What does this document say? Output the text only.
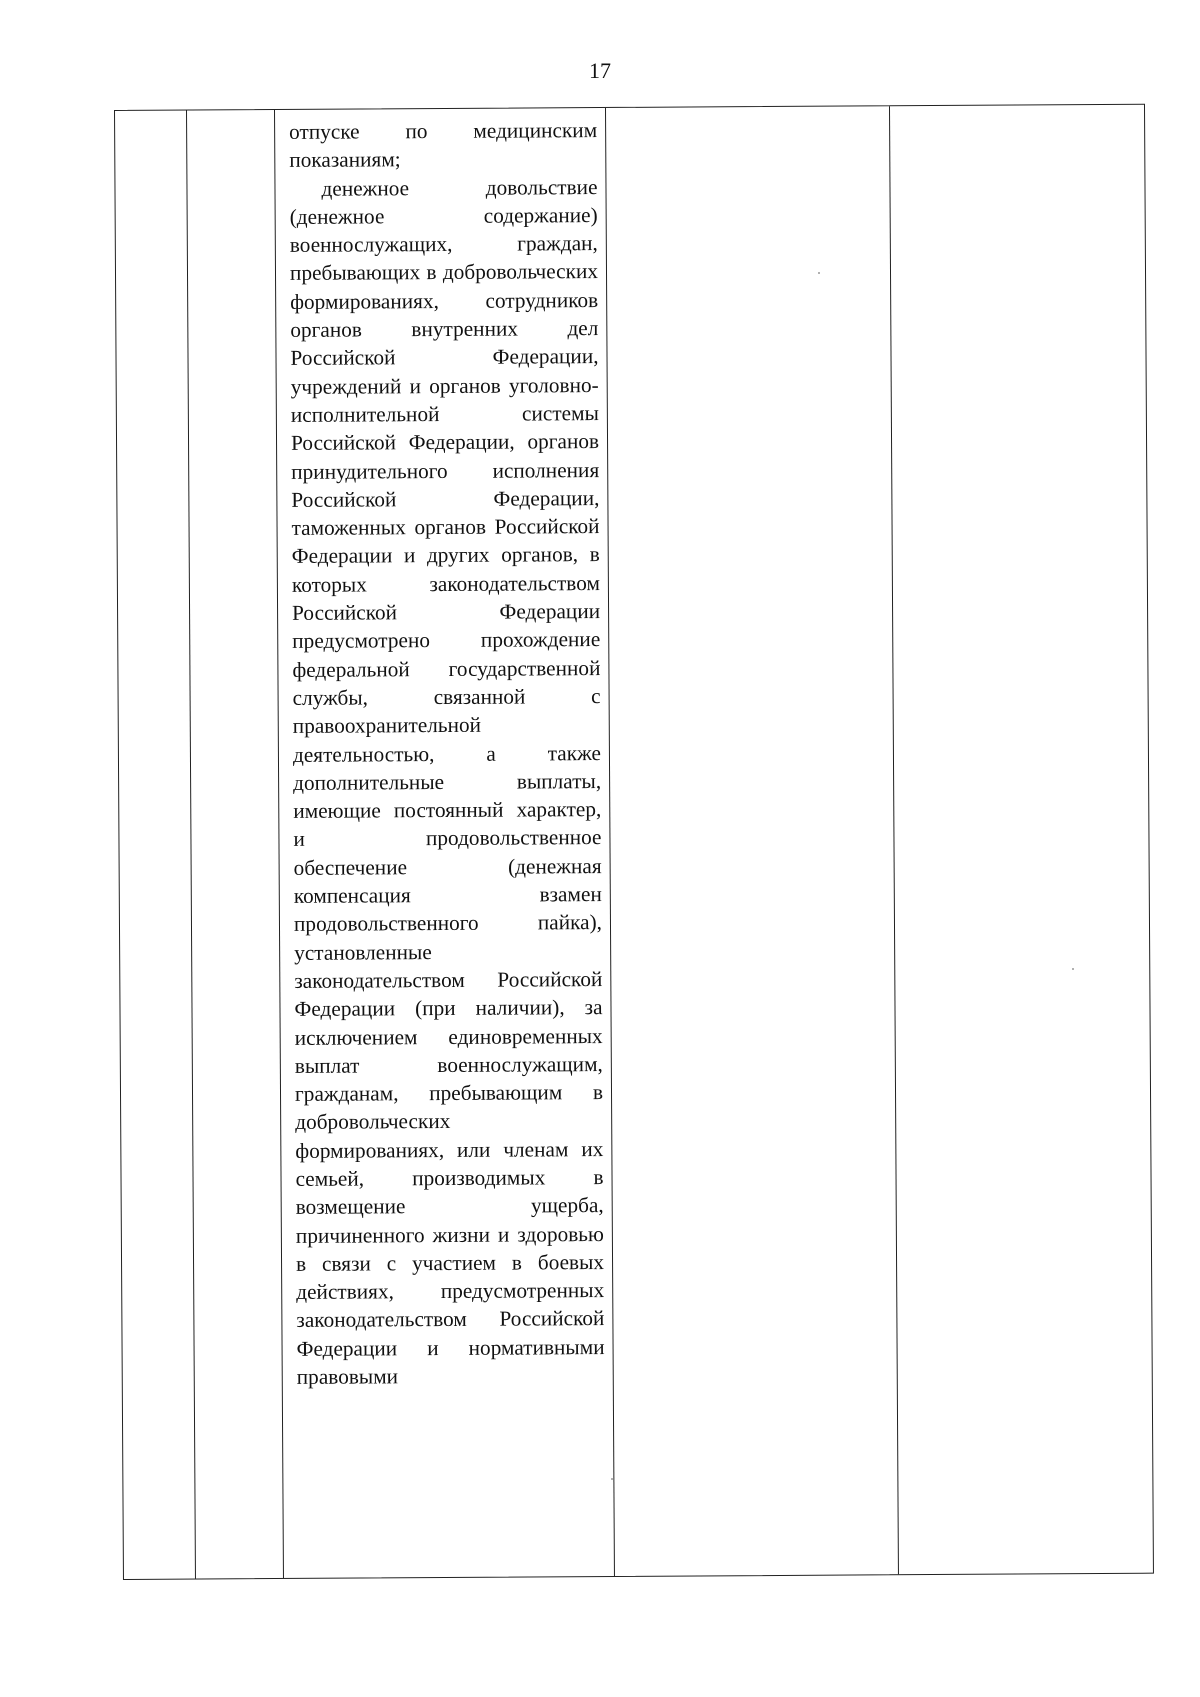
17

отпуске по медицинским показаниям;

денежное довольствие (денежное содержание) военнослужащих, граждан, пребывающих в добровольческих формированиях, сотрудников органов внутренних дел Российской Федерации, учреждений и органов уголовно-исполнительной системы Российской Федерации, органов принудительного исполнения Российской Федерации, таможенных органов Российской Федерации и других органов, в которых законодательством Российской Федерации предусмотрено прохождение федеральной государственной службы, связанной с правоохранительной деятельностью, а также дополнительные выплаты, имеющие постоянный характер, и продовольственное обеспечение (денежная компенсация взамен продовольственного пайка), установленные законодательством Российской Федерации (при наличии), за исключением единовременных выплат военнослужащим, гражданам, пребывающим в добровольческих формированиях, или членам их семьей, производимых в возмещение ущерба, причиненного жизни и здоровью в связи с участием в боевых действиях, предусмотренных законодательством Российской Федерации и нормативными правовыми
